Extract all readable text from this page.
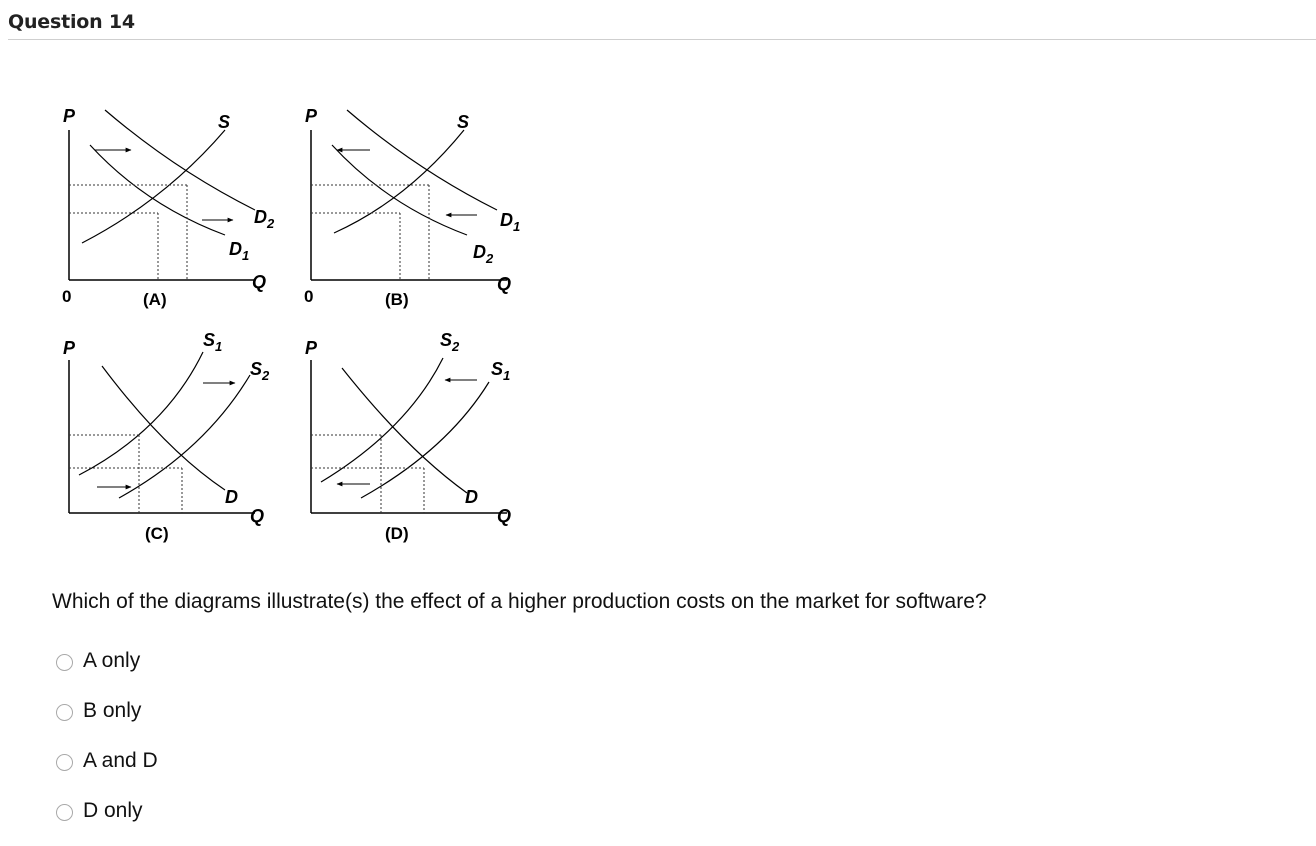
Question 14
P
0
S
$D_2$
$D_1$
Q
(A)
P
0
S
$D_1$
$D_2$
Q
(B)
P	$S_1$
$S_2$
D
Q
(C)
P	$S_2$
$S_1$
D
Q
(D)
Which of the diagrams illustrate(s) the effect of a higher production costs on the market for software?
A only
B only
A and D
D only
